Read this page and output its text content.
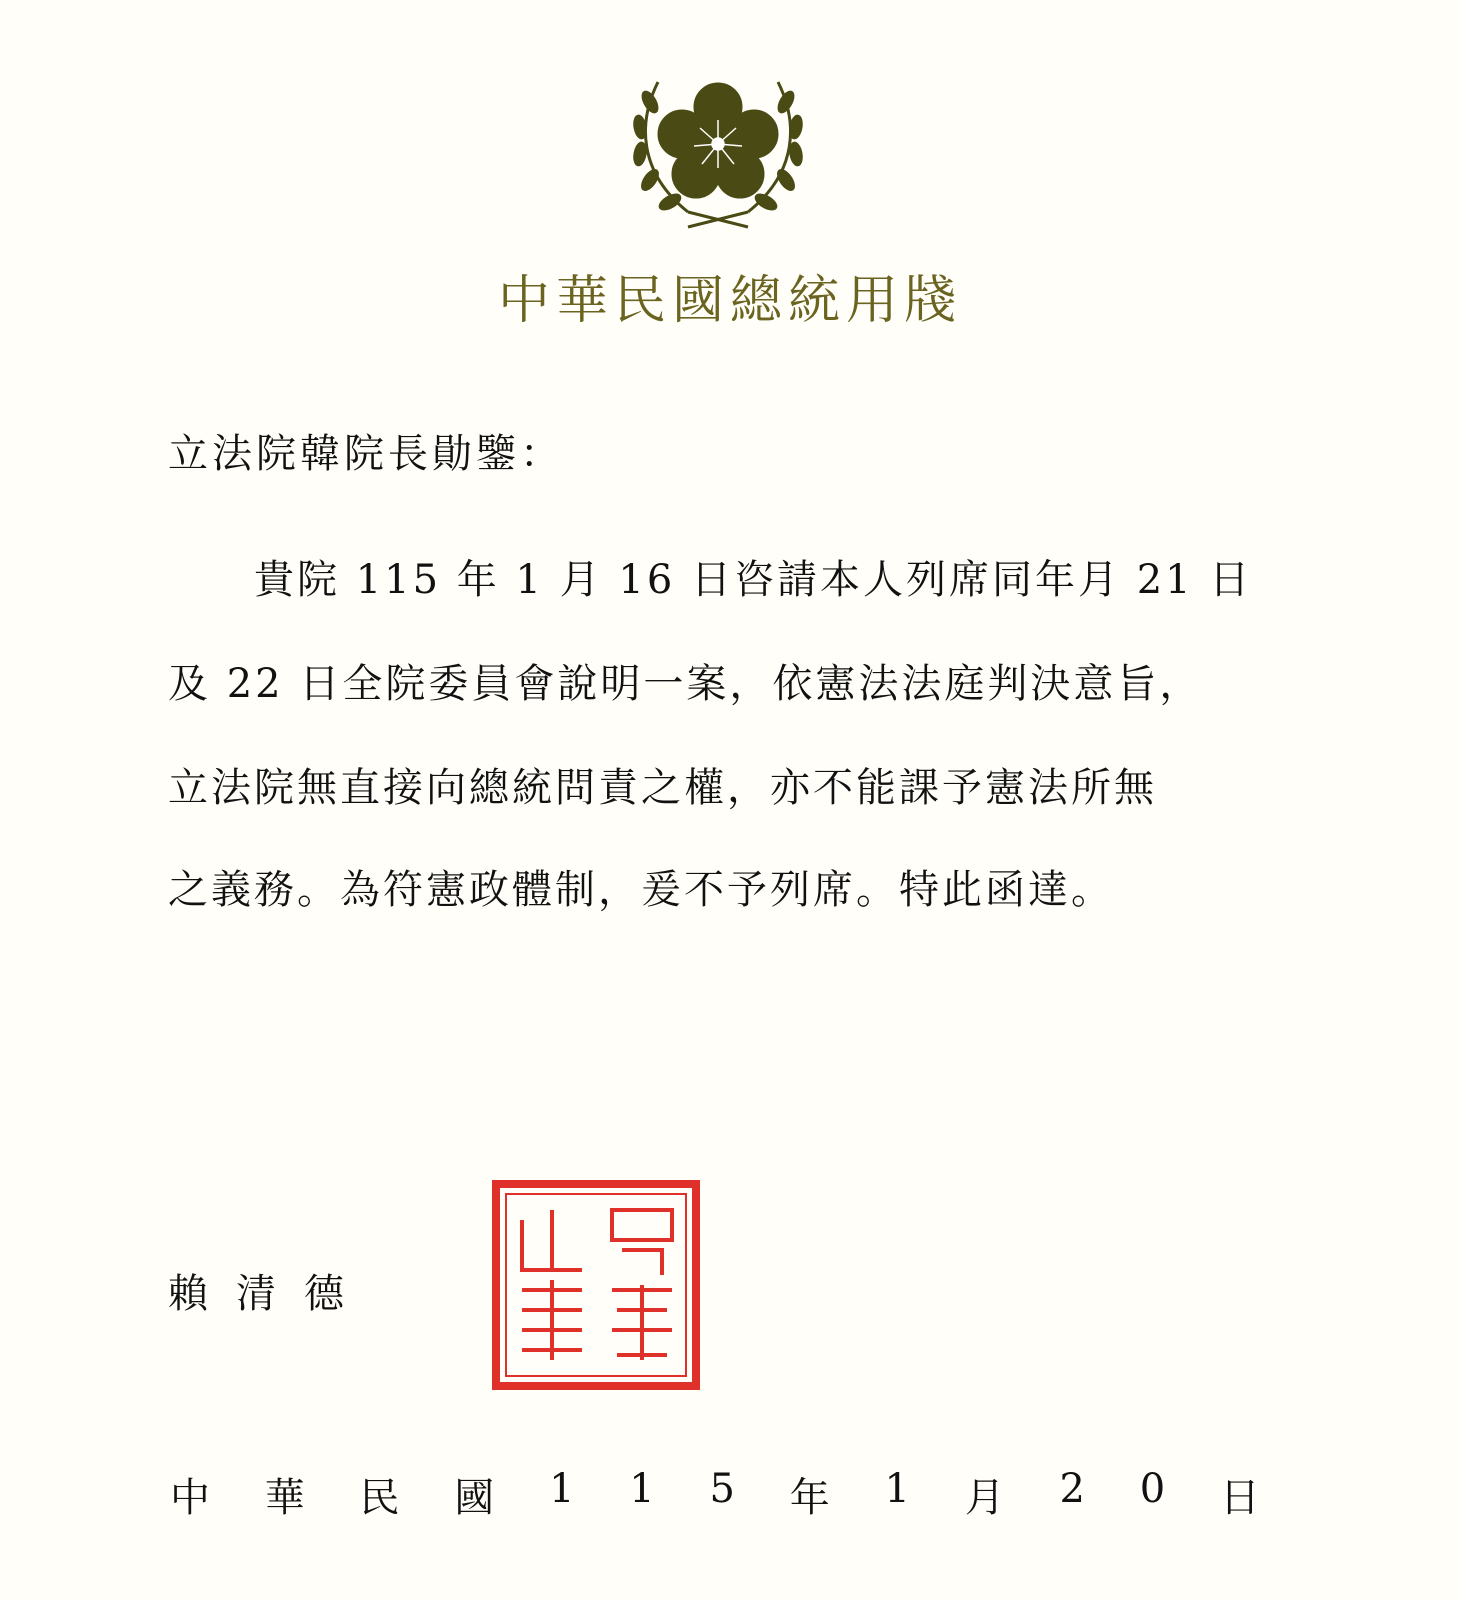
中華民國總統用牋
立法院韓院長勛鑒：
　　貴院 115 年 1 月 16 日咨請本人列席同年月 21 日
及 22 日全院委員會說明一案，依憲法法庭判決意旨，
立法院無直接向總統問責之權，亦不能課予憲法所無
之義務。為符憲政體制，爰不予列席。特此函達。
賴清德
中 華 民 國 1 1 5 年 1 月 2 0 日
